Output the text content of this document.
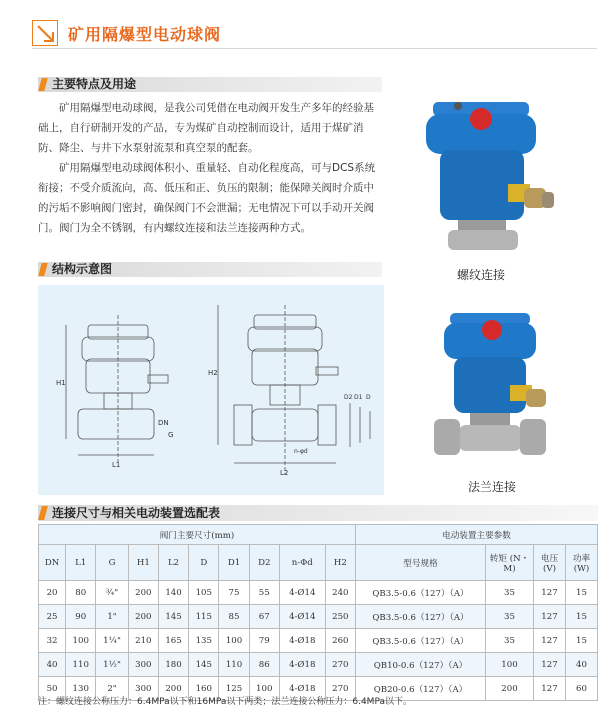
矿用隔爆型电动球阀
主要特点及用途
矿用隔爆型电动球阀，是我公司凭借在电动阀开发生产多年的经验基础上，自行研制开发的产品，专为煤矿自动控制而设计，适用于煤矿消防、降尘、与井下水泵射流泵和真空泵的配套。
矿用隔爆型电动球阀体积小、重量轻、自动化程度高，可与DCS系统衔接；不受介质流向，高、低压和正、负压的限制；能保障关阀时介质中的污垢不影响阀门密封，确保阀门不会泄漏；无电情况下可以手动开关阀门。阀门为全不锈钢，有内螺纹连接和法兰连接两种方式。
螺纹连接
法兰连接
结构示意图
H1
L1
DN
G
H2
L2
n-φd
D2 D1 D
连接尺寸与相关电动装置选配表
阀门主要尺寸(mm)										电动装置主要参数			
DN	L1	G	H1	L2	D	D1	D2	n-Φd	H2	型号规格	转矩 (N・M)	电压 (V)	功率 (W)
20	80	¾"	200	140	105	75	55	4-Ø14	240	QB3.5-0.6（127）（A）	35	127	15
25	90	1"	200	145	115	85	67	4-Ø14	250	QB3.5-0.6（127）（A）	35	127	15
32	100	1¼"	210	165	135	100	79	4-Ø18	260	QB3.5-0.6（127）（A）	35	127	15
40	110	1½"	300	180	145	110	86	4-Ø18	270	QB10-0.6（127）（A）	100	127	40
50	130	2"	300	200	160	125	100	4-Ø18	270	QB20-0.6（127）（A）	200	127	60
注：螺纹连接公称压力：6.4MPa以下和16MPa以下两类；法兰连接公称压力：6.4MPa以下。
